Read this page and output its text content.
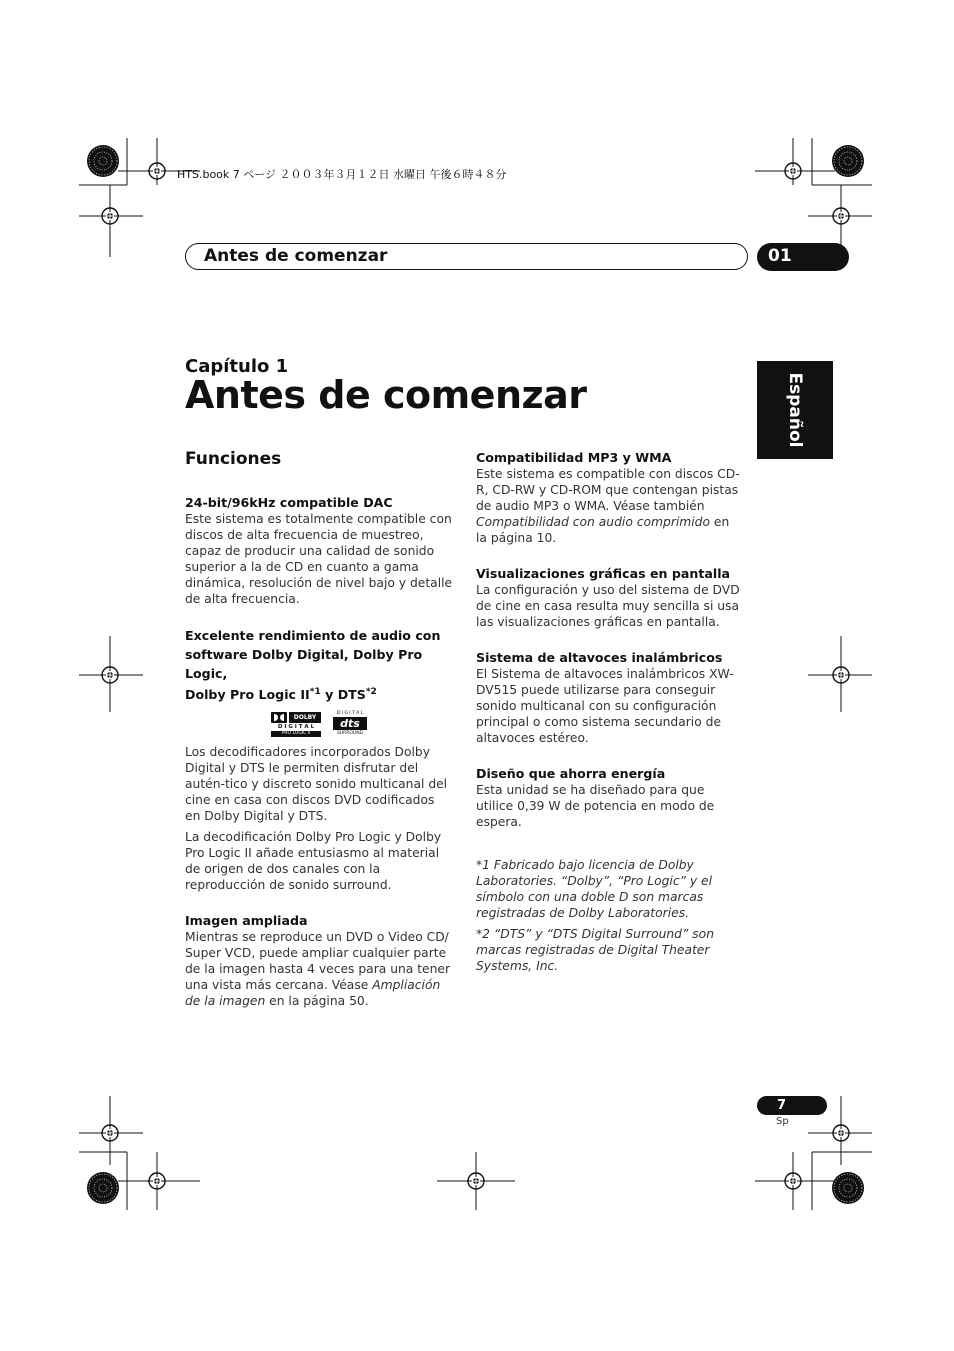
HTS.book 7 ページ ２００３年３月１２日 水曜日 午後６時４８分
Antes de comenzar	01
Español
Capítulo 1
Antes de comenzar
Funciones
24-bit/96kHz compatible DAC

Este sistema es totalmente compatible con discos de alta frecuencia de muestreo, capaz de producir una calidad de sonido superior a la de CD en cuanto a gama dinámica, resolución de nivel bajo y detalle de alta frecuencia.

Excelente rendimiento de audio con
software Dolby Digital, Dolby Pro Logic,
Dolby Pro Logic II$^{*1}$ y DTS$^{*2}$
DOLBY
D I G I T A L
PRO LOGIC II
D I G I T A L
dts
SURROUND

Los decodificadores incorporados Dolby Digital y DTS le permiten disfrutar del autén-tico y discreto sonido multicanal del cine en casa con discos DVD codificados en Dolby Digital y DTS.

La decodificación Dolby Pro Logic y Dolby Pro Logic II añade entusiasmo al material de origen de dos canales con la reproducción de sonido surround.

Imagen ampliada

Mientras se reproduce un DVD o Video CD/ Super VCD, puede ampliar cualquier parte de la imagen hasta 4 veces para una tener una vista más cercana. Véase Ampliación de la imagen en la página 50.

Compatibilidad MP3 y WMA

Este sistema es compatible con discos CD-R, CD-RW y CD-ROM que contengan pistas de audio MP3 o WMA. Véase también Compatibilidad con audio comprimido en la página 10.

Visualizaciones gráficas en pantalla

La configuración y uso del sistema de DVD de cine en casa resulta muy sencilla si usa las visualizaciones gráficas en pantalla.

Sistema de altavoces inalámbricos

El Sistema de altavoces inalámbricos XW-DV515 puede utilizarse para conseguir sonido multicanal con su configuración principal o como sistema secundario de altavoces estéreo.

Diseño que ahorra energía

Esta unidad se ha diseñado para que utilice 0,39 W de potencia en modo de espera.

*1 Fabricado bajo licencia de Dolby Laboratories. “Dolby”, “Pro Logic” y el símbolo con una doble D son marcas registradas de Dolby Laboratories.

*2 “DTS” y “DTS Digital Surround” son marcas registradas de Digital Theater Systems, Inc.

7
Sp
